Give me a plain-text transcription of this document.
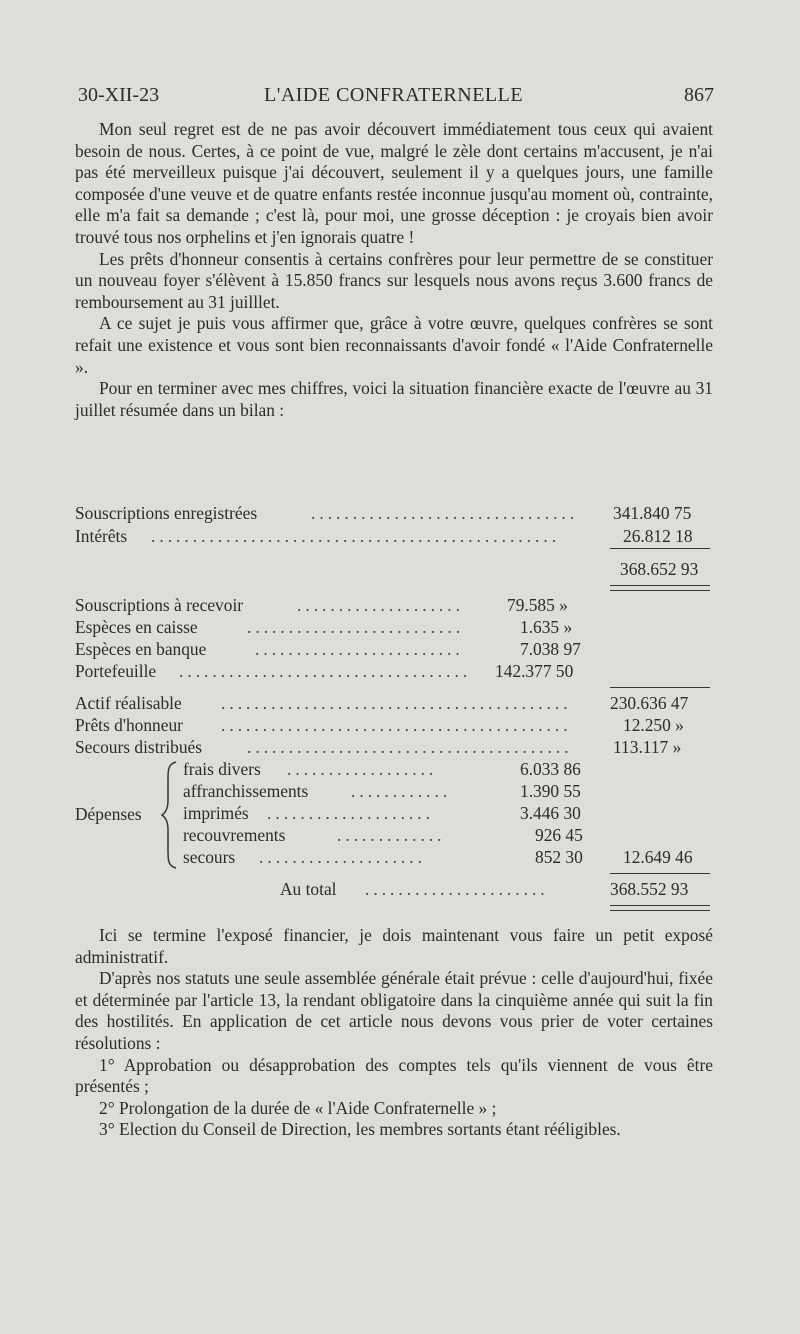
30-XII-23	L'AIDE CONFRATERNELLE	867

Mon seul regret est de ne pas avoir découvert immédiatement tous ceux qui avaient besoin de nous. Certes, à ce point de vue, malgré le zèle dont certains m'accusent, je n'ai pas été merveilleux puisque j'ai découvert, seulement il y a quelques jours, une famille composée d'une veuve et de quatre enfants restée inconnue jusqu'au moment où, contrainte, elle m'a fait sa demande ; c'est là, pour moi, une grosse déception : je croyais bien avoir trouvé tous nos orphelins et j'en ignorais quatre !

Les prêts d'honneur consentis à certains confrères pour leur permettre de se constituer un nouveau foyer s'élèvent à 15.850 francs sur lesquels nous avons reçus 3.600 francs de remboursement au 31 juilllet.

A ce sujet je puis vous affirmer que, grâce à votre œuvre, quelques confrères se sont refait une existence et vous sont bien reconnaissants d'avoir fondé « l'Aide Confraternelle ».

Pour en terminer avec mes chiffres, voici la situation financière exacte de l'œuvre au 31 juillet résumée dans un bilan :

Souscriptions enregistrées	................................	341.840 75
Intérêts .................................................	26.812 18
368.652 93
Souscriptions à recevoir	....................	79.585 »
Espèces en caisse	..........................	1.635 »
Espèces en banque	.........................	7.038 97
Portefeuille ...................................	142.377 50
Actif réalisable ..........................................	230.636 47
Prêts d'honneur ..........................................	12.250 »
Secours distribués	.......................................	113.117 »
Dépenses
frais divers ..................	6.033 86
affranchissements ............	1.390 55
imprimés ....................	3.446 30
recouvrements	.............	926 45
secours ....................	852 30	12.649 46
Au total ......................	368.552 93

Ici se termine l'exposé financier, je dois maintenant vous faire un petit exposé administratif.

D'après nos statuts une seule assemblée générale était prévue : celle d'aujourd'hui, fixée et déterminée par l'article 13, la rendant obligatoire dans la cinquième année qui suit la fin des hostilités. En application de cet article nous devons vous prier de voter certaines résolutions :

1° Approbation ou désapprobation des comptes tels qu'ils viennent de vous être présentés ;

2° Prolongation de la durée de « l'Aide Confraternelle » ;

3° Election du Conseil de Direction, les membres sortants étant rééligibles.
